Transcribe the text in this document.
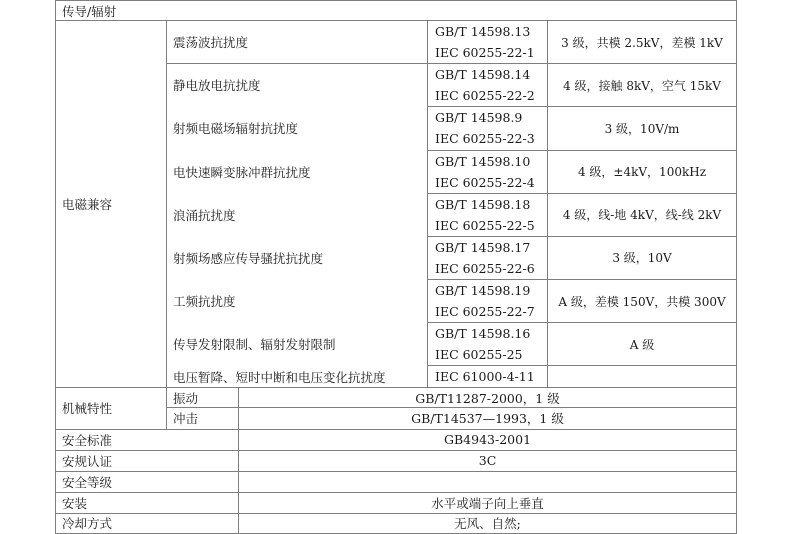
传导/辐射				
电磁兼容	震荡波抗扰度		GB/T 14598.13
IEC 60255-22-1	3 级，共模 2.5kV，差模 1kV
	静电放电抗扰度		GB/T 14598.14
IEC 60255-22-2	4 级，接触 8kV，空气 15kV
	射频电磁场辐射抗扰度		GB/T 14598.9
IEC 60255-22-3	3 级，10V/m
	电快速瞬变脉冲群抗扰度		GB/T 14598.10
IEC 60255-22-4	4 级，±4kV，100kHz
	浪涌抗扰度		GB/T 14598.18
IEC 60255-22-5	4 级，线-地 4kV，线-线 2kV
	射频场感应传导骚扰抗扰度		GB/T 14598.17
IEC 60255-22-6	3 级，10V
	工频抗扰度		GB/T 14598.19
IEC 60255-22-7	A 级，差模 150V，共模 300V
	传导发射限制、辐射发射限制		GB/T 14598.16
IEC 60255-25	A 级
	电压暂降、短时中断和电压变化抗扰度		IEC 61000-4-11	

机械特性	振动	GB/T11287-2000，1 级		
	冲击	GB/T14537—1993，1 级		
安全标准		GB4943-2001		
安规认证		3C		
安全等级				
安装		水平或端子向上垂直		
冷却方式		无风、自然;		
